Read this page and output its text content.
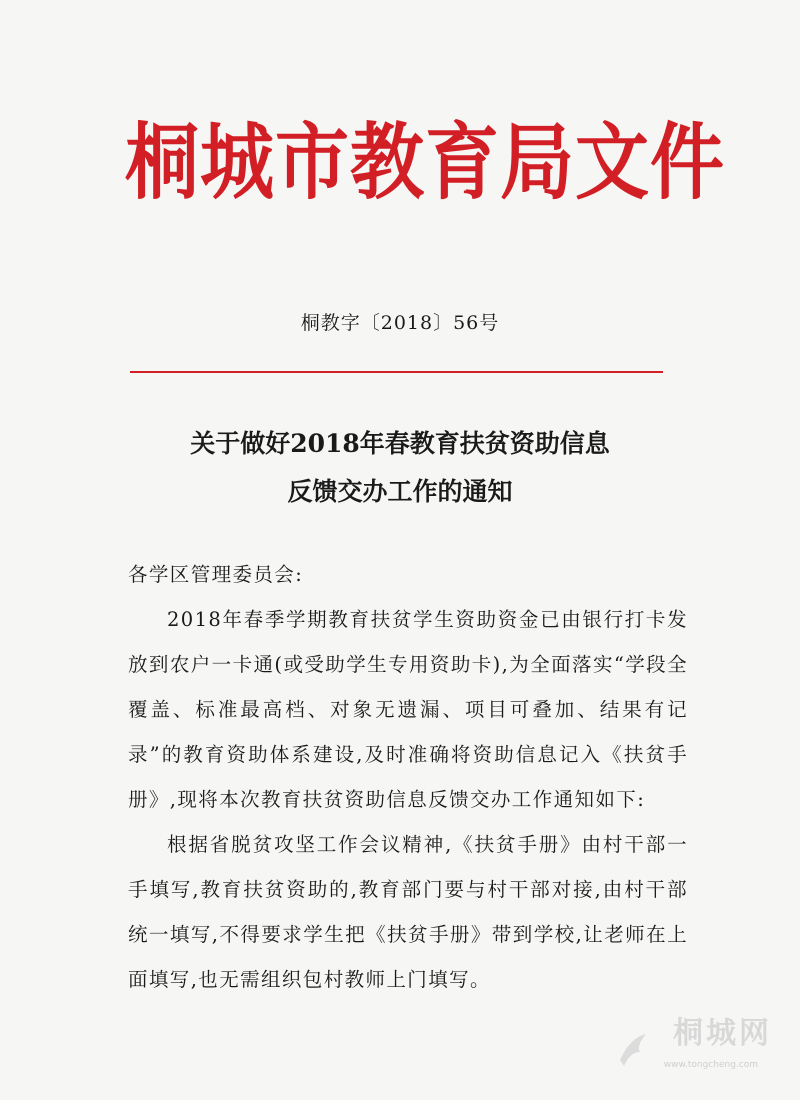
桐城市教育局文件
桐教字〔2018〕56号
关于做好2018年春教育扶贫资助信息
反馈交办工作的通知

各学区管理委员会:

2018年春季学期教育扶贫学生资助资金已由银行打卡发放到农户一卡通(或受助学生专用资助卡),为全面落实“学段全覆盖、标准最高档、对象无遗漏、项目可叠加、结果有记录”的教育资助体系建设,及时准确将资助信息记入《扶贫手册》,现将本次教育扶贫资助信息反馈交办工作通知如下:

根据省脱贫攻坚工作会议精神,《扶贫手册》由村干部一手填写,教育扶贫资助的,教育部门要与村干部对接,由村干部统一填写,不得要求学生把《扶贫手册》带到学校,让老师在上面填写,也无需组织包村教师上门填写。

桐城网
www.tongcheng.com
